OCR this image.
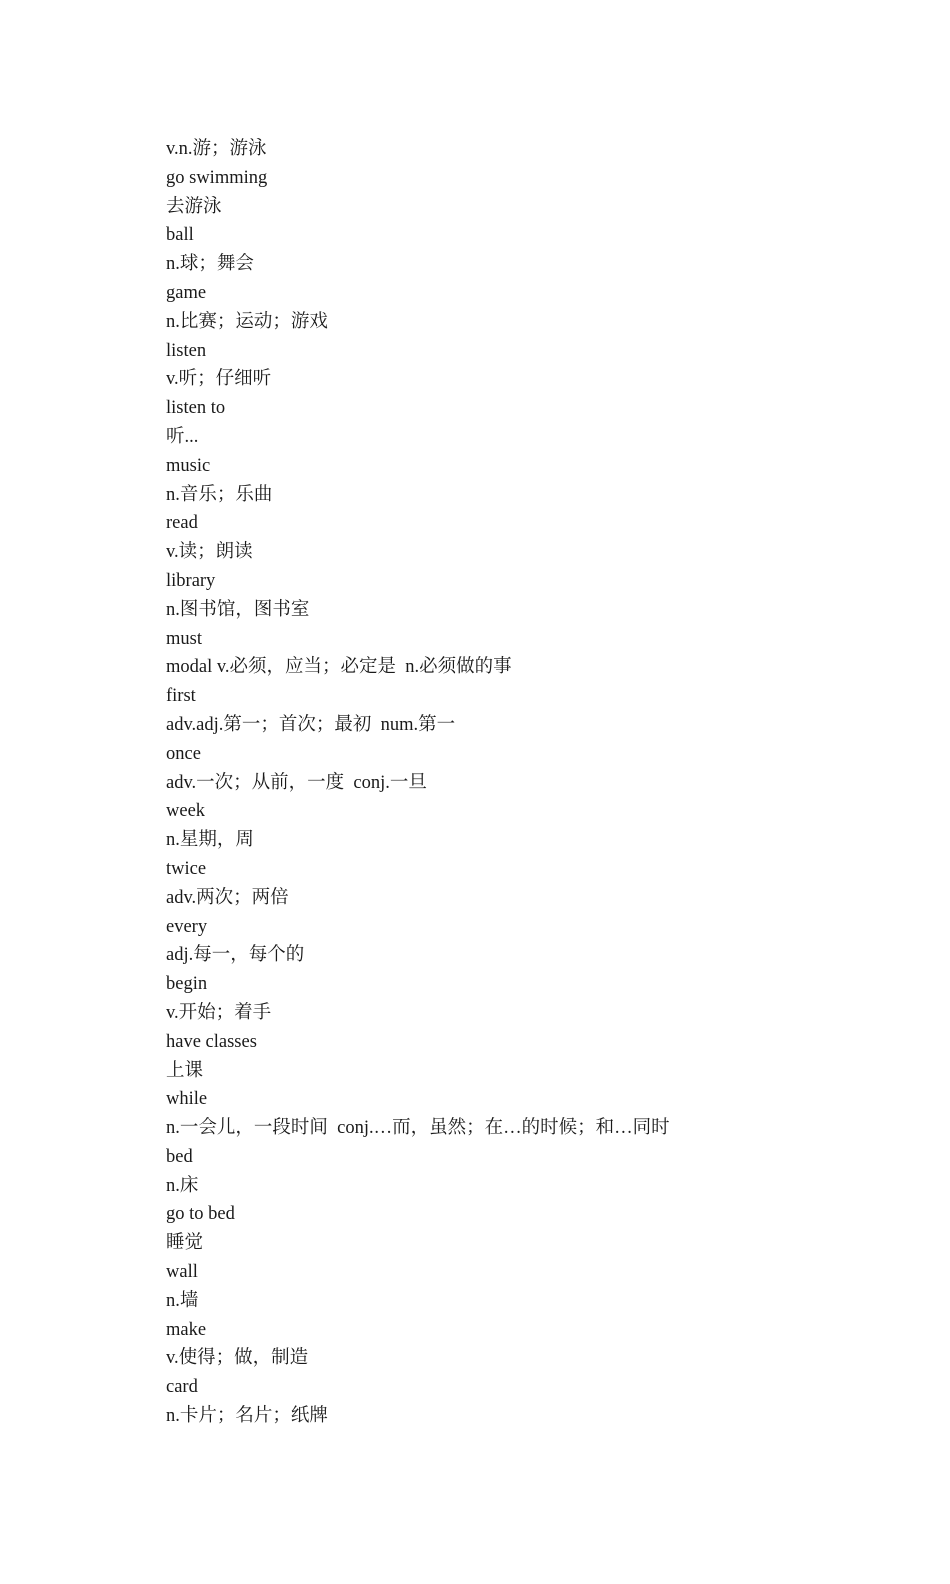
v.n.游；游泳
go swimming
去游泳
ball
n.球；舞会
game
n.比赛；运动；游戏
listen
v.听；仔细听
listen to
听...
music
n.音乐；乐曲
read
v.读；朗读
library
n.图书馆，图书室
must
modal v.必须，应当；必定是  n.必须做的事
first
adv.adj.第一；首次；最初  num.第一
once
adv.一次；从前，一度  conj.一旦
week
n.星期，周
twice
adv.两次；两倍
every
adj.每一，每个的
begin
v.开始；着手
have classes
上课
while
n.一会儿，一段时间  conj.…而，虽然；在…的时候；和…同时
bed
n.床
go to bed
睡觉
wall
n.墙
make
v.使得；做，制造
card
n.卡片；名片；纸牌
